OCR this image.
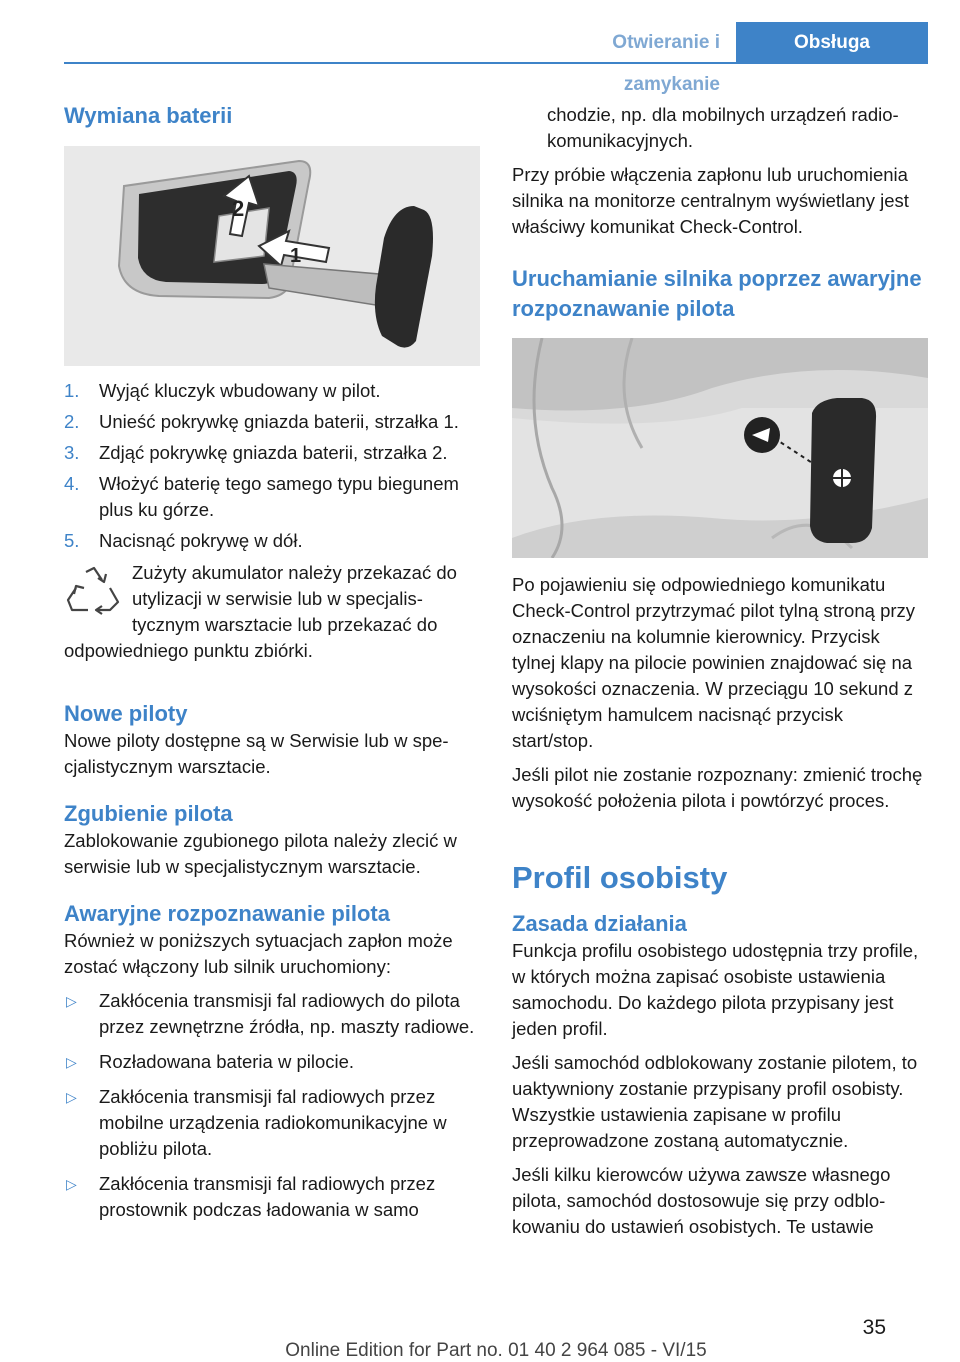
Otwieranie i zamykanie
Obsługa
Wymiana baterii
2
1
1. Wyjąć kluczyk wbudowany w pilot.
2. Unieść pokrywkę gniazda baterii, strzałka 1.
3. Zdjąć pokrywkę gniazda baterii, strzałka 2.
4. Włożyć baterię tego samego typu biegunem plus ku górze.
5. Nacisnąć pokrywę w dół.
Zużyty akumulator należy przekazać do utylizacji w serwisie lub w specjalistycznym warsztacie lub przekazać do odpowiedniego punktu zbiórki.
Nowe piloty

Nowe piloty dostępne są w Serwisie lub w specjalistycznym warsztacie.

Zgubienie pilota

Zablokowanie zgubionego pilota należy zlecić w serwisie lub w specjalistycznym warsztacie.

Awaryjne rozpoznawanie pilota

Również w poniższych sytuacjach zapłon może zostać włączony lub silnik uruchomiony:

▷ Zakłócenia transmisji fal radiowych do pilota przez zewnętrzne źródła, np. maszty radiowe.
▷ Rozładowana bateria w pilocie.
▷ Zakłócenia transmisji fal radiowych przez mobilne urządzenia radiokomunikacyjne w pobliżu pilota.
▷ Zakłócenia transmisji fal radiowych przez prostownik podczas ładowania w samo

chodzie, np. dla mobilnych urządzeń radiokomunikacyjnych.

Przy próbie włączenia zapłonu lub uruchomienia silnika na monitorze centralnym wyświetlany jest właściwy komunikat Check-Control.

Uruchamianie silnika poprzez awaryjne rozpoznawanie pilota

Po pojawieniu się odpowiedniego komunikatu Check-Control przytrzymać pilot tylną stroną przy oznaczeniu na kolumnie kierownicy. Przycisk tylnej klapy na pilocie powinien znajdować się na wysokości oznaczenia. W przeciągu 10 sekund z wciśniętym hamulcem nacisnąć przycisk start/stop.

Jeśli pilot nie zostanie rozpoznany: zmienić trochę wysokość położenia pilota i powtórzyć proces.

Profil osobisty
Zasada działania

Funkcja profilu osobistego udostępnia trzy profile, w których można zapisać osobiste ustawienia samochodu. Do każdego pilota przypisany jest jeden profil.

Jeśli samochód odblokowany zostanie pilotem, to uaktywniony zostanie przypisany profil osobisty. Wszystkie ustawienia zapisane w profilu przeprowadzone zostaną automatycznie.

Jeśli kilku kierowców używa zawsze własnego pilota, samochód dostosowuje się przy odblokowaniu do ustawień osobistych. Te ustawie

35
Online Edition for Part no. 01 40 2 964 085 - VI/15
